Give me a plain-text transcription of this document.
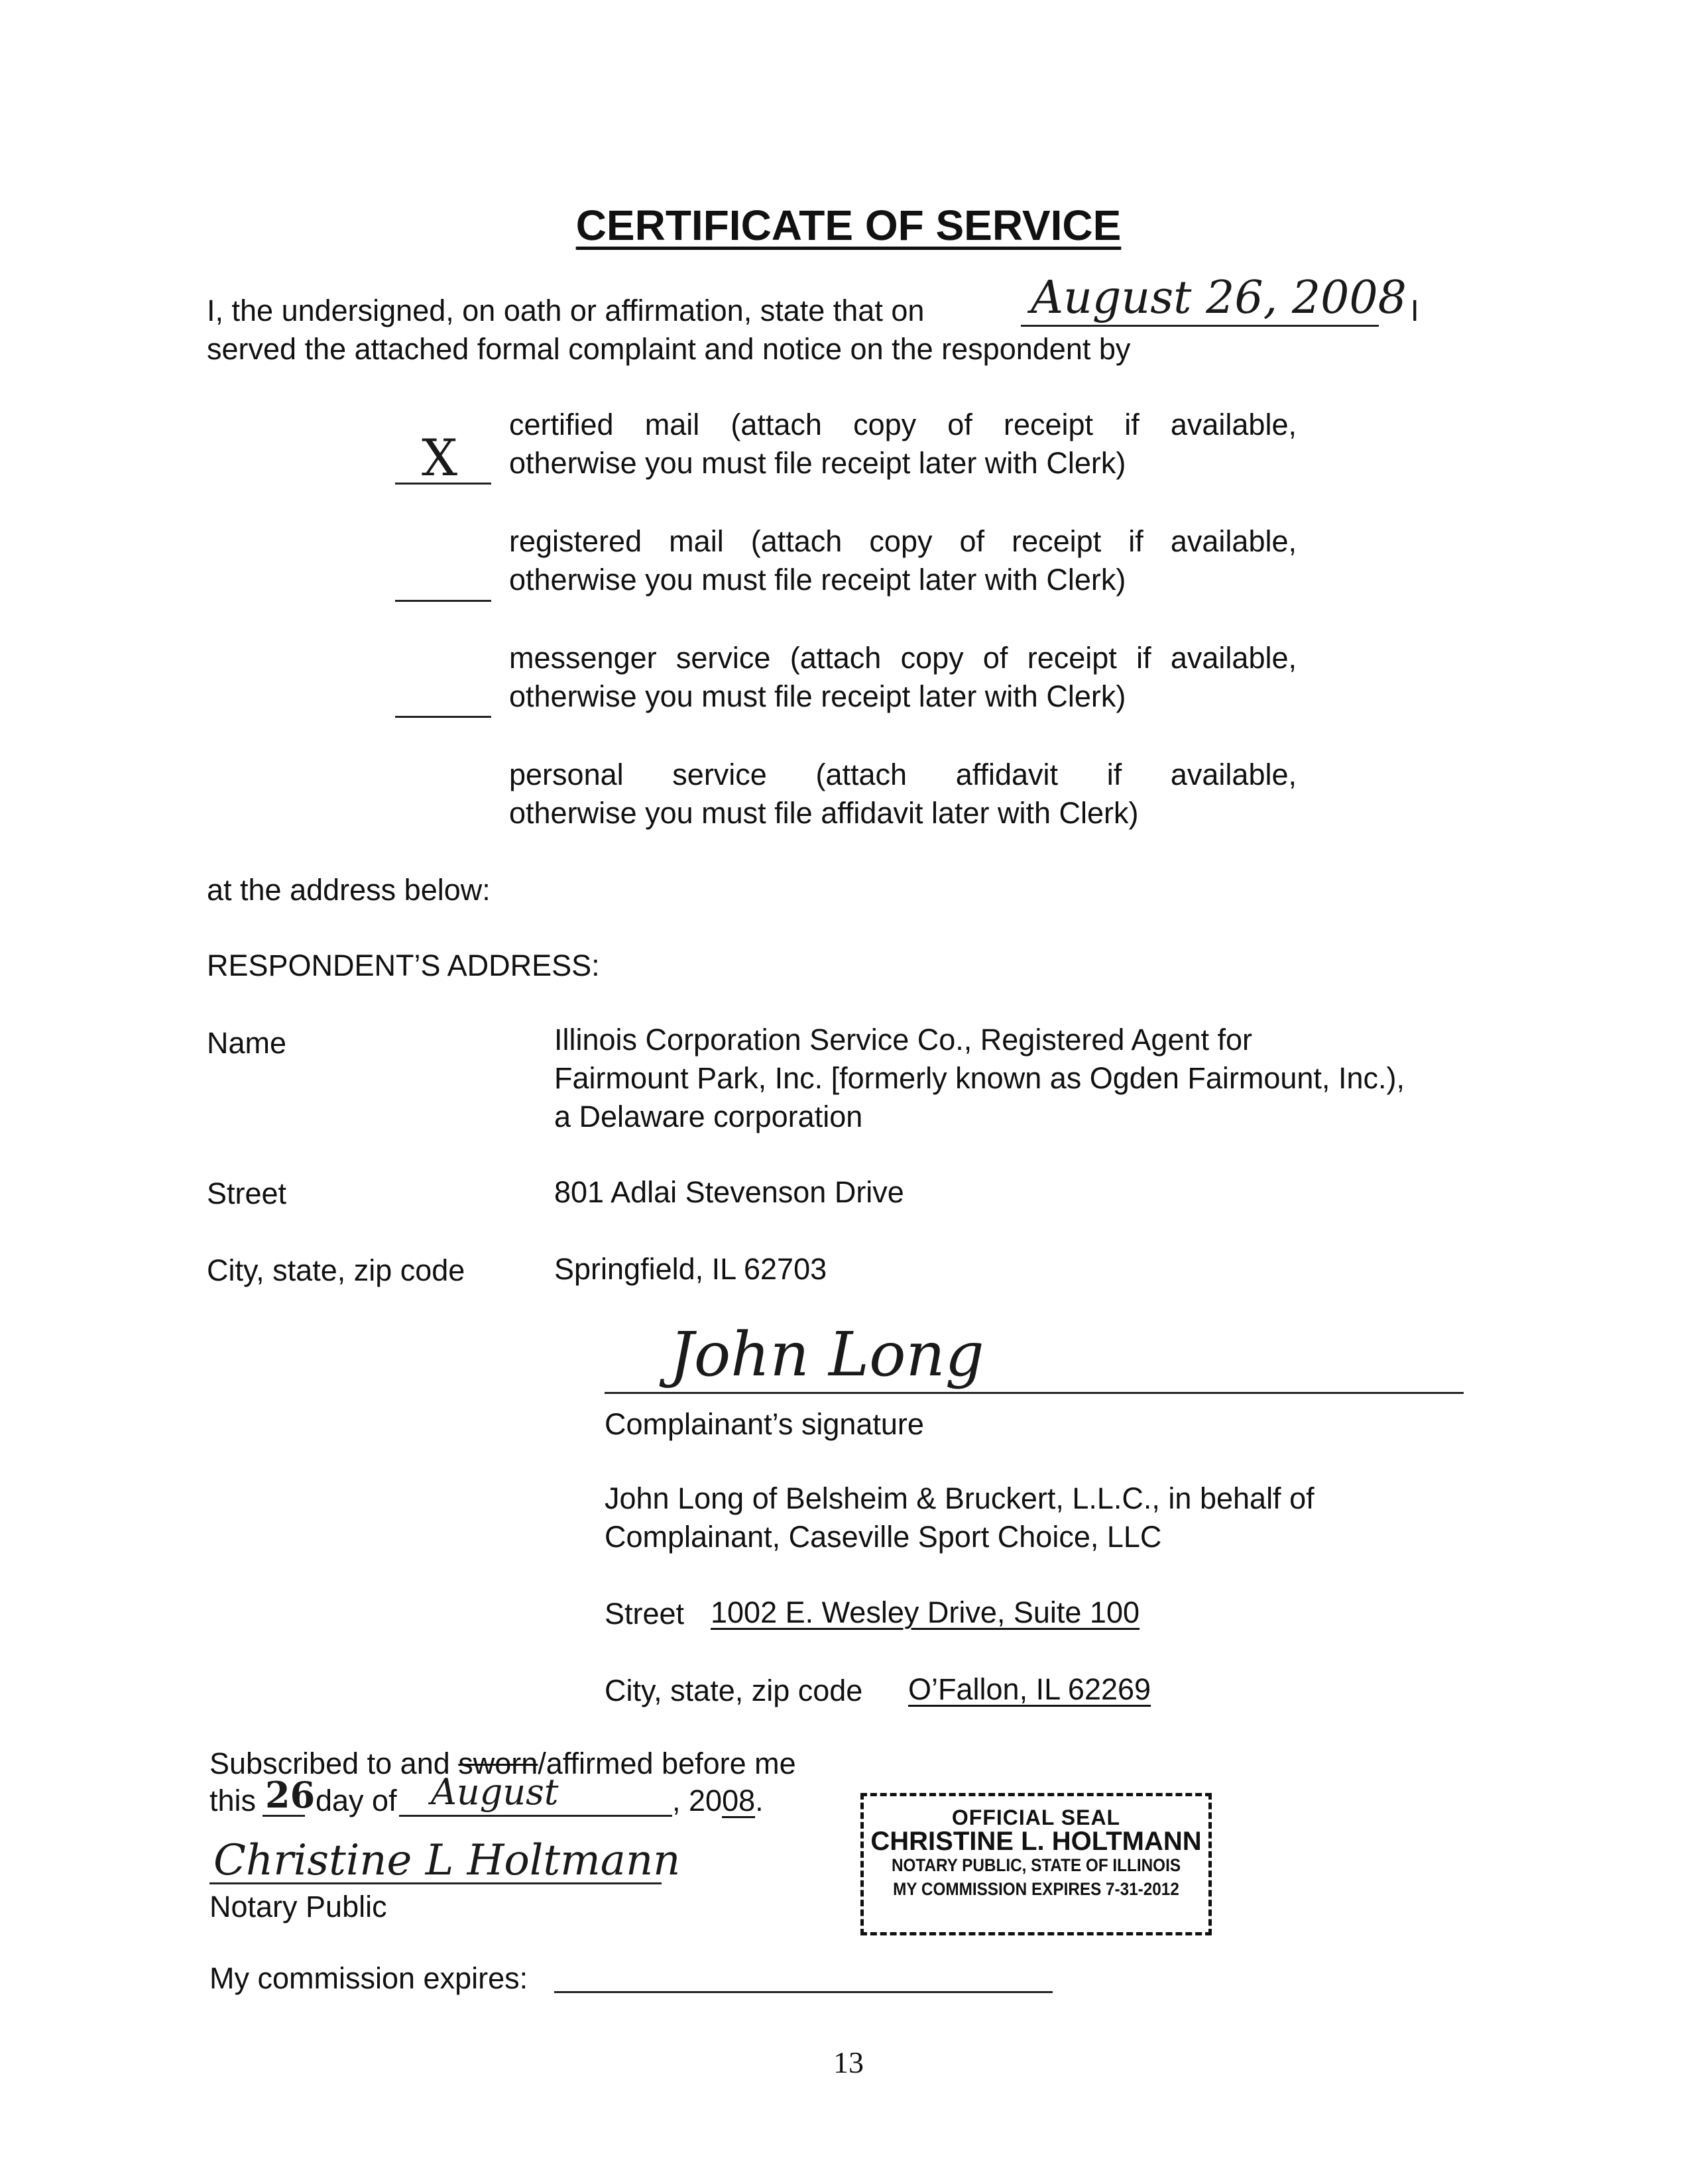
CERTIFICATE OF SERVICE
I, the undersigned, on oath or affirmation, state that on August 26, 2008 I
served the attached formal complaint and notice on the respondent by
X
certified mail (attach copy of receipt if available,
otherwise you must file receipt later with Clerk)
registered mail (attach copy of receipt if available,
otherwise you must file receipt later with Clerk)
messenger service (attach copy of receipt if available,
otherwise you must file receipt later with Clerk)
personal service (attach affidavit if available,
otherwise you must file affidavit later with Clerk)
at the address below:
RESPONDENT’S ADDRESS:
Name	Illinois Corporation Service Co., Registered Agent for
Fairmount Park, Inc. [formerly known as Ogden Fairmount, Inc.),
a Delaware corporation
Street	801 Adlai Stevenson Drive
City, state, zip code	Springfield, IL 62703
John Long
Complainant’s signature
John Long of Belsheim & Bruckert, L.L.C., in behalf of
Complainant, Caseville Sport Choice, LLC
Street 1002 E. Wesley Drive, Suite 100
City, state, zip code O’Fallon, IL 62269
Subscribed to and sworn/affirmed before me
this 26 day of August	, 2008.
Christine L Holtmann
Notary Public
My commission expires:
OFFICIAL SEAL
CHRISTINE L. HOLTMANN
NOTARY PUBLIC, STATE OF ILLINOIS
MY COMMISSION EXPIRES 7-31-2012
13
